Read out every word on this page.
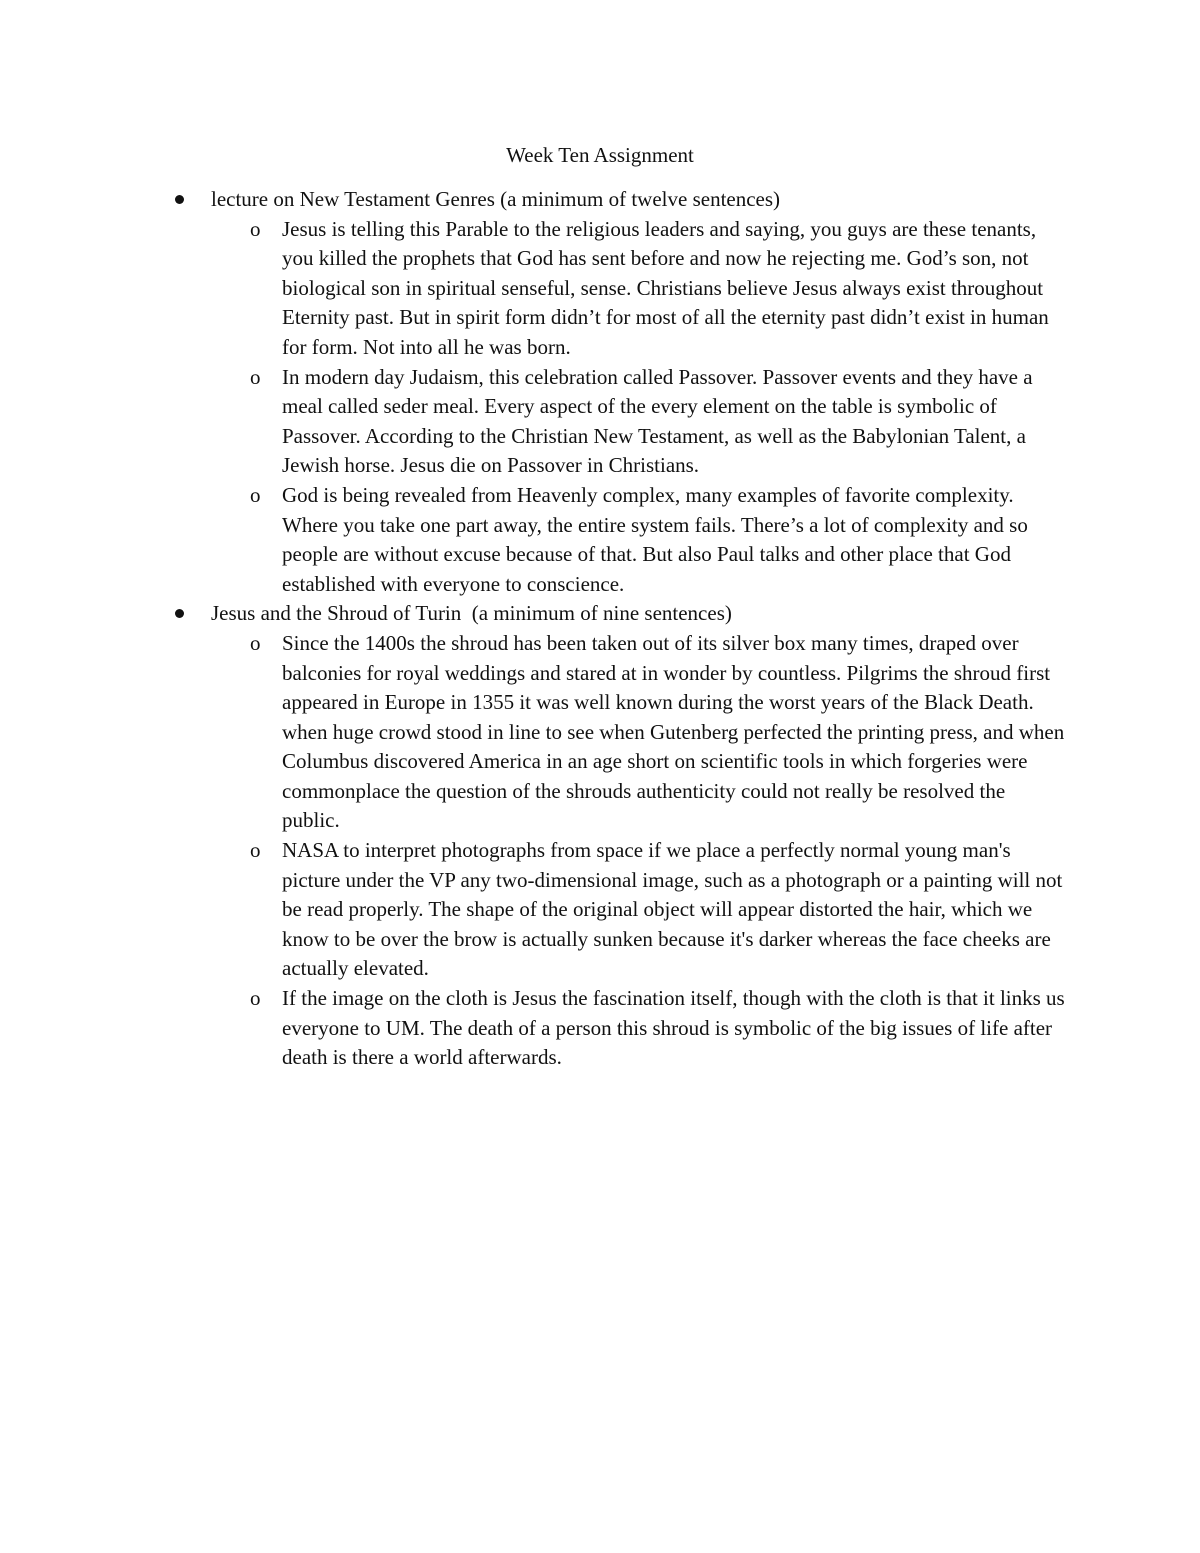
Week Ten Assignment
lecture on New Testament Genres (a minimum of twelve sentences)
o Jesus is telling this Parable to the religious leaders and saying, you guys are these tenants, you killed the prophets that God has sent before and now he rejecting me. God’s son, not biological son in spiritual senseful, sense. Christians believe Jesus always exist throughout Eternity past. But in spirit form didn’t for most of all the eternity past didn’t exist in human for form. Not into all he was born.
o In modern day Judaism, this celebration called Passover. Passover events and they have a meal called seder meal. Every aspect of the every element on the table is symbolic of Passover. According to the Christian New Testament, as well as the Babylonian Talent, a Jewish horse. Jesus die on Passover in Christians.
o God is being revealed from Heavenly complex, many examples of favorite complexity. Where you take one part away, the entire system fails. There’s a lot of complexity and so people are without excuse because of that. But also Paul talks and other place that God established with everyone to conscience.
Jesus and the Shroud of Turin  (a minimum of nine sentences)
o Since the 1400s the shroud has been taken out of its silver box many times, draped over balconies for royal weddings and stared at in wonder by countless. Pilgrims the shroud first appeared in Europe in 1355 it was well known during the worst years of the Black Death. when huge crowd stood in line to see when Gutenberg perfected the printing press, and when Columbus discovered America in an age short on scientific tools in which forgeries were commonplace the question of the shrouds authenticity could not really be resolved the public.
o NASA to interpret photographs from space if we place a perfectly normal young man's picture under the VP any two-dimensional image, such as a photograph or a painting will not be read properly. The shape of the original object will appear distorted the hair, which we know to be over the brow is actually sunken because it's darker whereas the face cheeks are actually elevated.
o If the image on the cloth is Jesus the fascination itself, though with the cloth is that it links us everyone to UM. The death of a person this shroud is symbolic of the big issues of life after death is there a world afterwards.
